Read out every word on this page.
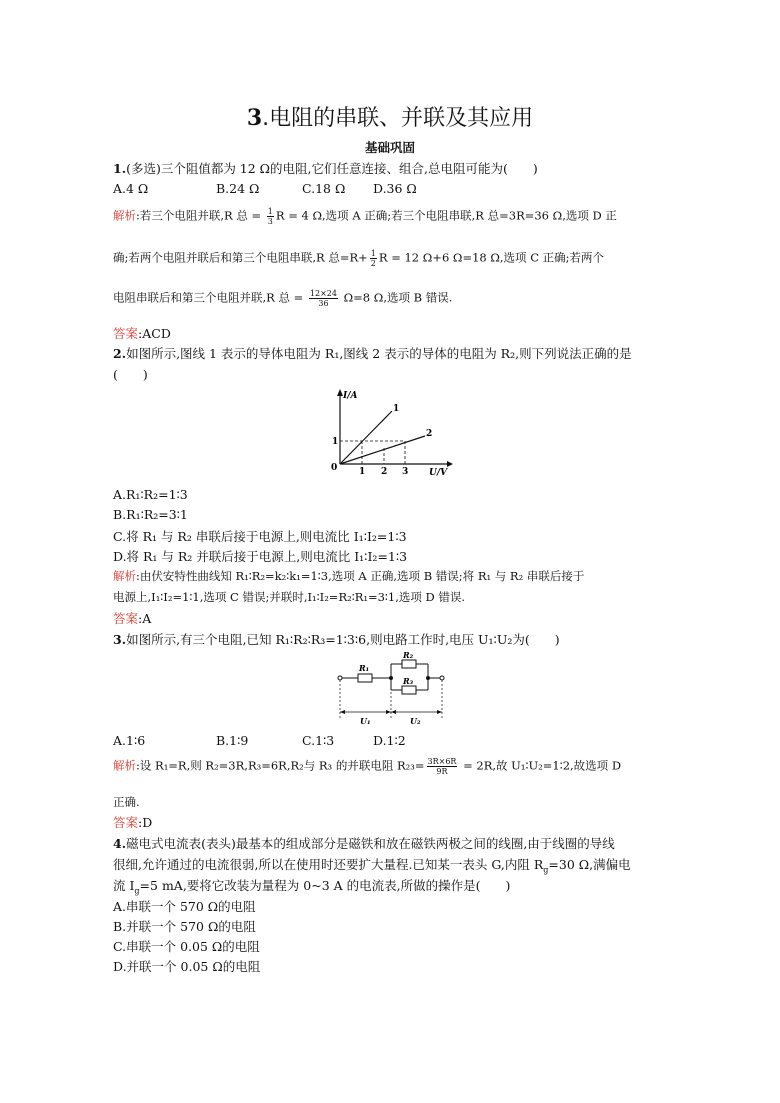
3.电阻的串联、并联及其应用
基础巩固
1.(多选)三个阻值都为 12 Ω的电阻,它们任意连接、组合,总电阻可能为(　　)
A.4 Ω	B.24 Ω	C.18 Ω D.36 Ω
解析:若三个电阻并联,R 总 = $\frac{1}{3}$ R = 4 Ω,选项 A 正确;若三个电阻串联,R 总=3R=36 Ω,选项 D 正
确;若两个电阻并联后和第三个电阻串联,R 总$=R+ \frac{1}{2}$ R = 12 Ω+6 Ω=18 Ω,选项 C 正确;若两个
电阻串联后和第三个电阻并联,R 总 = $\frac{12\times 24}{36} \Omega=8$ Ω,选项 B 错误.
答案:ACD
2.如图所示,图线 1 表示的导体电阻为 R₁,图线 2 表示的导体的电阻为 R₂,则下列说法正确的是
(　　)
I/A
U/V
0
1
1 2 3
1
2
A.R₁∶R₂=1∶3
B.R₁∶R₂=3∶1
C.将 R₁ 与 R₂ 串联后接于电源上,则电流比 I₁∶I₂=1∶3
D.将 R₁ 与 R₂ 并联后接于电源上,则电流比 I₁∶I₂=1∶3
解析:由伏安特性曲线知 R₁∶R₂=k₂∶k₁=1∶3,选项 A 正确,选项 B 错误;将 R₁ 与 R₂ 串联后接于
电源上,I₁∶I₂=1∶1,选项 C 错误;并联时,I₁∶I₂=R₂∶R₁=3∶1,选项 D 错误.
答案:A
3.如图所示,有三个电阻,已知 R₁∶R₂∶R₃=1∶3∶6,则电路工作时,电压 U₁∶U₂为(　　)
R₁
R₂
R₃
U₁	U₂
A.1∶6	B.1∶9	C.1∶3	D.1∶2
解析:设 R₁=R,则 R₂=3R,R₃=6R,R₂与 R₃ 的并联电阻 $R_{23}= \frac{3R\times 6R}{9R} = 2R$,故 U₁∶U₂=1∶2,故选项 D
正确.
答案:D
4.磁电式电流表(表头)最基本的组成部分是磁铁和放在磁铁两极之间的线圈,由于线圈的导线
很细,允许通过的电流很弱,所以在使用时还要扩大量程.已知某一表头 G,内阻 $R_g=30$ Ω,满偏电
流 $I_g=5$ mA,要将它改装为量程为 0~3 A 的电流表,所做的操作是(　　)
A.串联一个 570 Ω的电阻
B.并联一个 570 Ω的电阻
C.串联一个 0.05 Ω的电阻
D.并联一个 0.05 Ω的电阻
